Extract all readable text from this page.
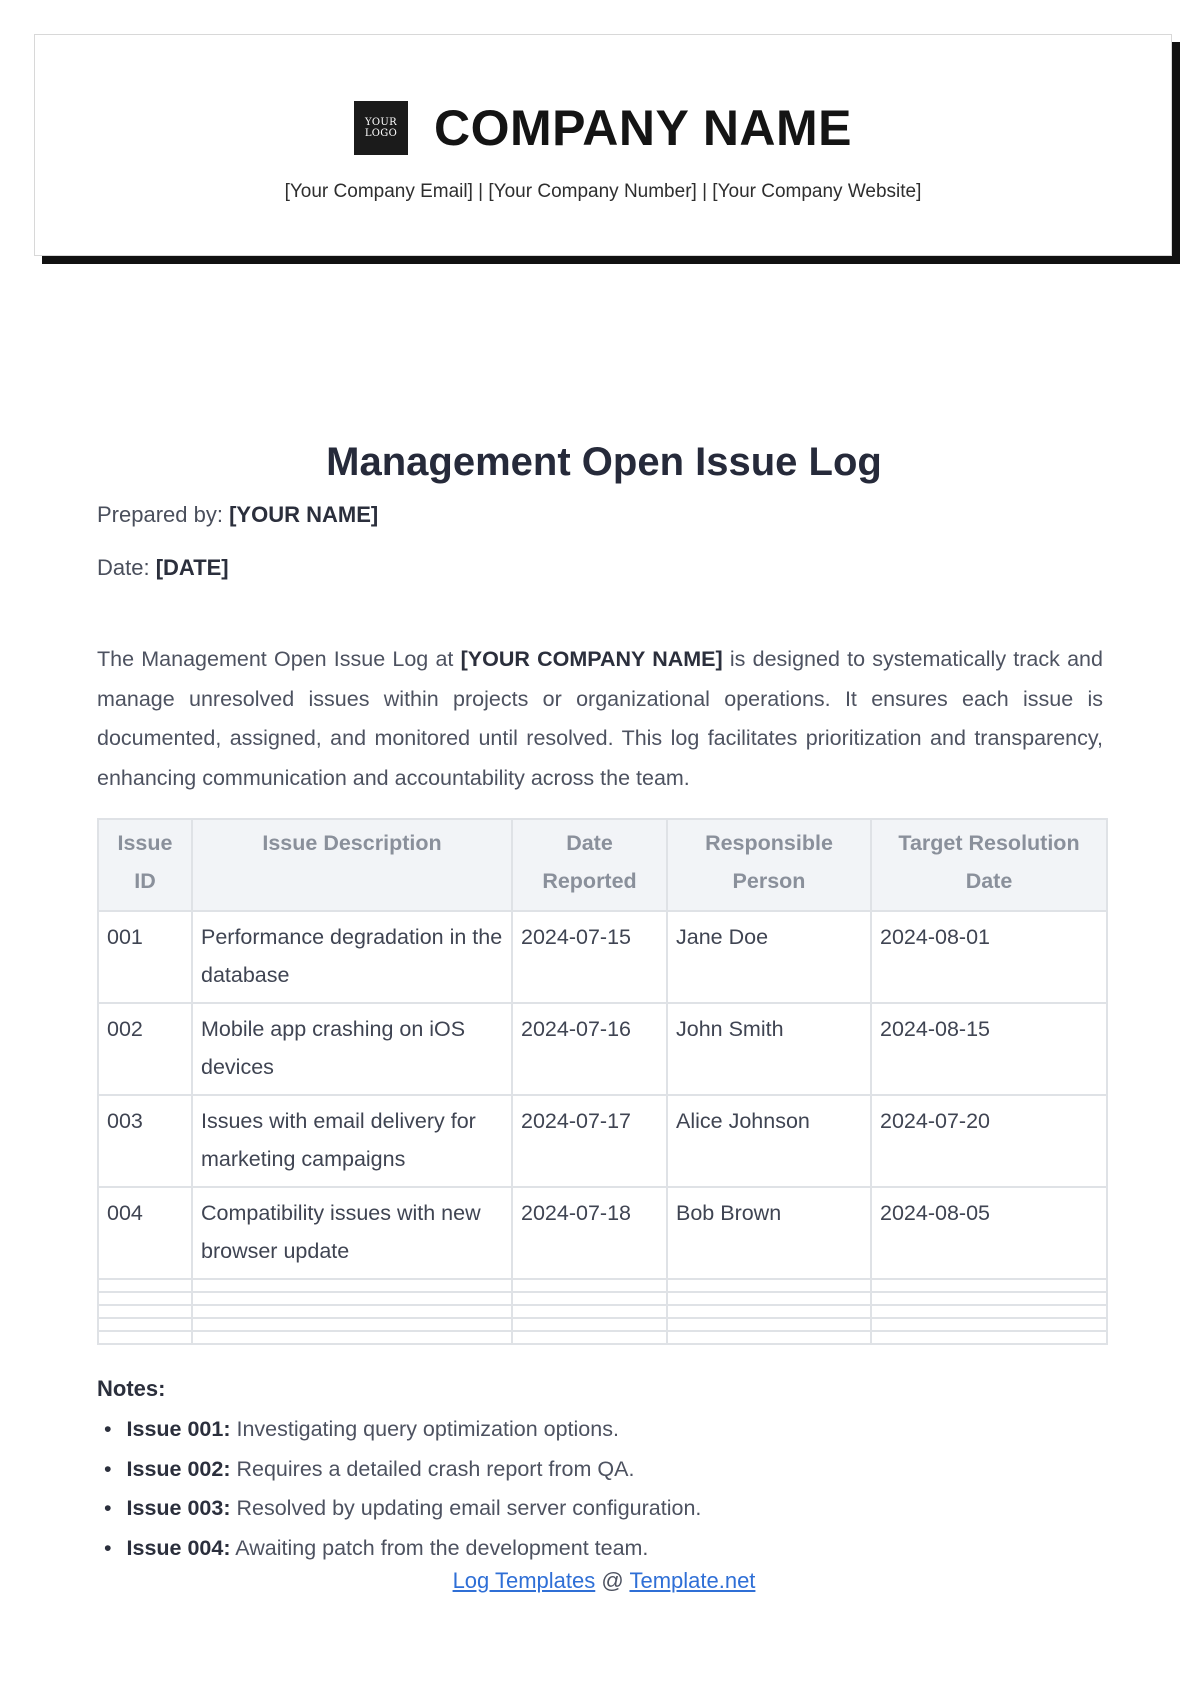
YOUR
LOGO COMPANY NAME
[Your Company Email] | [Your Company Number] | [Your Company Website]
Management Open Issue Log
Prepared by: [YOUR NAME]
Date: [DATE]

The Management Open Issue Log at [YOUR COMPANY NAME] is designed to systematically track and manage unresolved issues within projects or organizational operations. It ensures each issue is documented, assigned, and monitored until resolved. This log facilitates prioritization and transparency, enhancing communication and accountability across the team.

Issue ID	Issue Description	Date Reported	Responsible Person	Target Resolution Date
001	Performance degradation in the database	2024-07-15	Jane Doe	2024-08-01
002	Mobile app crashing on iOS devices	2024-07-16	John Smith	2024-08-15
003	Issues with email delivery for marketing campaigns	2024-07-17	Alice Johnson	2024-07-20
004	Compatibility issues with new browser update	2024-07-18	Bob Brown	2024-08-05

Notes:
• Issue 001: Investigating query optimization options.
• Issue 002: Requires a detailed crash report from QA.
• Issue 003: Resolved by updating email server configuration.
• Issue 004: Awaiting patch from the development team.
Log Templates @ Template.net
